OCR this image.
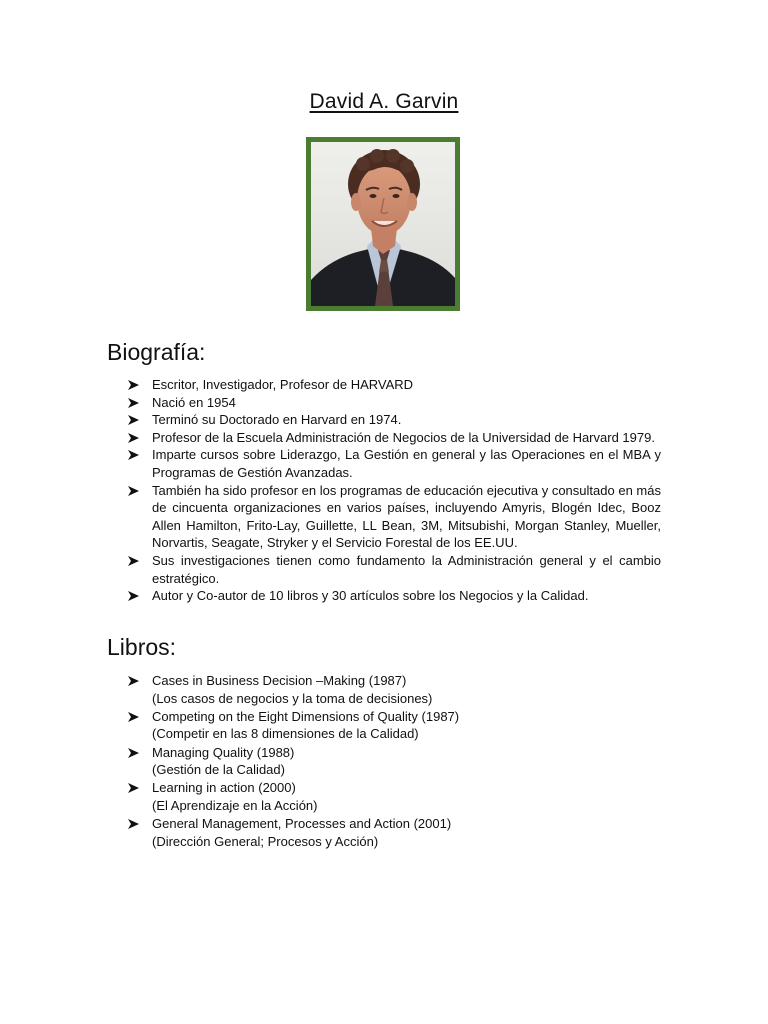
David A. Garvin
Biografía:
Escritor, Investigador, Profesor de HARVARD
Nació en 1954
Terminó su Doctorado en Harvard en 1974.
Profesor de la Escuela Administración de Negocios de la Universidad de Harvard 1979.
Imparte cursos sobre Liderazgo, La Gestión en general y las Operaciones en el MBA y Programas de Gestión Avanzadas.
También ha sido profesor en los programas de educación ejecutiva y consultado en más de cincuenta organizaciones en varios países, incluyendo Amyris, Blogén Idec, Booz Allen Hamilton, Frito-Lay, Guillette, LL Bean, 3M, Mitsubishi, Morgan Stanley, Mueller, Norvartis, Seagate, Stryker y el Servicio Forestal de los EE.UU.
Sus investigaciones tienen como fundamento la Administración general y el cambio estratégico.
Autor y Co-autor de 10 libros y 30 artículos sobre los Negocios y la Calidad.
Libros:
Cases in Business Decision –Making (1987)
(Los casos de negocios y la toma de decisiones)
Competing on the Eight Dimensions of Quality (1987)
(Competir en las 8 dimensiones de la Calidad)
Managing Quality (1988)
(Gestión de la Calidad)
Learning in action (2000)
(El Aprendizaje en la Acción)
General Management, Processes and Action (2001)
(Dirección General; Procesos y Acción)
